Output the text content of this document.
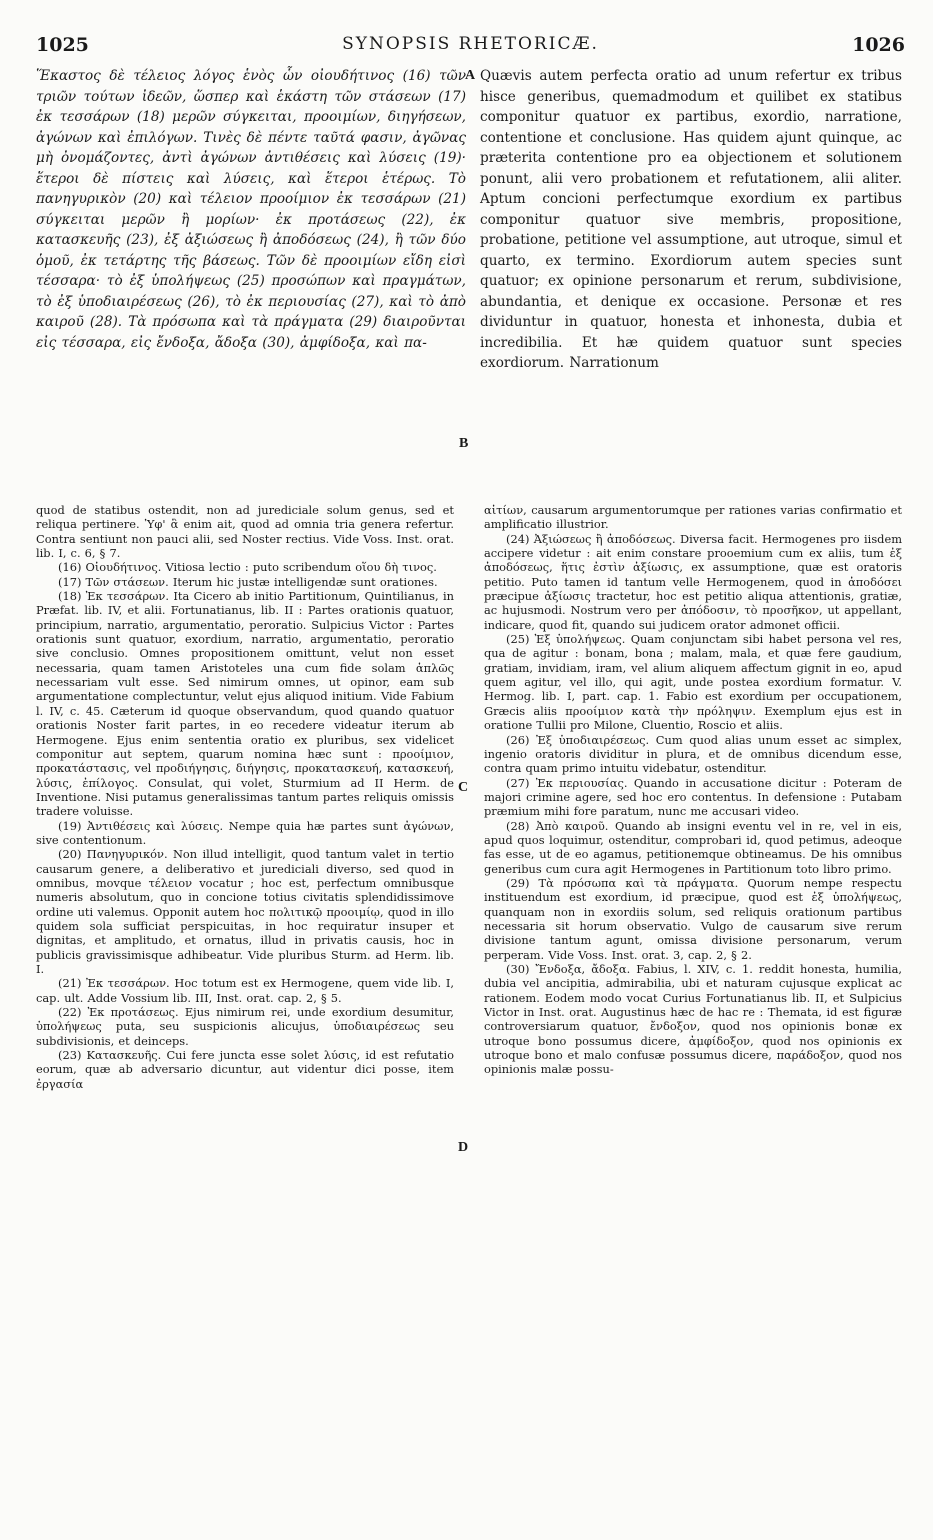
1025	SYNOPSIS RHETORICÆ.	1026

Ἕκαστος δὲ τέλειος λόγος ἑνὸς ὧν οἰουδήτινος (16) τῶν τριῶν τούτων ἰδεῶν, ὥσπερ καὶ ἑκάστη τῶν στάσεων (17) ἐκ τεσσάρων (18) μερῶν σύγκειται, προοιμίων, διηγήσεων, ἀγώνων καὶ ἐπιλόγων. Τινὲς δὲ πέντε ταῦτά φασιν, ἀγῶνας μὴ ὀνομάζοντες, ἀντὶ ἀγώνων ἀντιθέσεις καὶ λύσεις (19)· ἕτεροι δὲ πίστεις καὶ λύσεις, καὶ ἕτεροι ἑτέρως. Τὸ πανηγυρικὸν (20) καὶ τέλειον προοίμιον ἐκ τεσσάρων (21) σύγκειται μερῶν ἢ μορίων· ἐκ προτάσεως (22), ἐκ κατασκευῆς (23), ἐξ ἀξιώσεως ἢ ἀποδόσεως (24), ἢ τῶν δύο ὁμοῦ, ἐκ τετάρτης τῆς βάσεως. Τῶν δὲ προοιμίων εἴδη εἰσὶ τέσσαρα· τὸ ἐξ ὑπολήψεως (25) προσώπων καὶ πραγμάτων, τὸ ἐξ ὑποδιαιρέσεως (26), τὸ ἐκ περιουσίας (27), καὶ τὸ ἀπὸ καιροῦ (28). Τὰ πρόσωπα καὶ τὰ πράγματα (29) διαιροῦνται εἰς τέσσαρα, εἰς ἔνδοξα, ἄδοξα (30), ἀμφίδοξα, καὶ πα-

A
B

Quævis autem perfecta oratio ad unum refertur ex tribus hisce generibus, quemadmodum et quilibet ex statibus componitur quatuor ex partibus, exordio, narratione, contentione et conclusione. Has quidem ajunt quinque, ac præterita contentione pro ea objectionem et solutionem ponunt, alii vero probationem et refutationem, alii aliter. Aptum concioni perfectumque exordium ex partibus componitur quatuor sive membris, propositione, probatione, petitione vel assumptione, aut utroque, simul et quarto, ex termino. Exordiorum autem species sunt quatuor; ex opinione personarum et rerum, subdivisione, abundantia, et denique ex occasione. Personæ et res dividuntur in quatuor, honesta et inhonesta, dubia et incredibilia. Et hæ quidem quatuor sunt species exordiorum. Narrationum

quod de statibus ostendit, non ad juredicialе solum genus, sed et reliqua pertinere. Ὑφ' ἃ enim ait, quod ad omnia tria genera refertur. Contra sentiunt non pauci alii, sed Noster rectius. Vide Voss. Inst. orat. lib. I, c. 6, § 7.

(16) Οἰουδήτινος. Vitiosa lectio : puto scribendum οἵου δὴ τινος.

(17) Τῶν στάσεων. Iterum hic justæ intelligendæ sunt orationes.

(18) Ἐκ τεσσάρων. Ita Cicero ab initio Partitionum, Quintilianus, in Præfat. lib. IV, et alii. Fortunatianus, lib. II : Partes orationis quatuor, principium, narratio, argumentatio, peroratio. Sulpicius Victor : Partes orationis sunt quatuor, exordium, narratio, argumentatio, peroratio sive conclusio. Omnes propositionem omittunt, velut non esset necessaria, quam tamen Aristoteles una cum fide solam ἁπλῶς necessariam vult esse. Sed nimirum omnes, ut opinor, eam sub argumentatione complectuntur, velut ejus aliquod initium. Vide Fabium l. IV, c. 45. Cæterum id quoque observandum, quod quandо quatuor orationis Noster farit partes, in eo recedere videatur iterum ab Hermogene. Ejus enim sententia oratio ex pluribus, sex videlicet componitur aut septem, quarum nomina hæc sunt : προοίμιον, προκατάστασις, vel προδιήγησις, διήγησις, προκατασκευή, κατασκευή, λύσις, ἐπίλογος. Consulat, qui volet, Sturmium ad II Herm. de Inventione. Nisi putamus generalissimas tantum partes reliquis omissis tradere voluisse.

(19) Ἀντιθέσεις καὶ λύσεις. Nempe quia hæ partes sunt ἀγώνων, sive contentionum.

(20) Πανηγυρικόν. Non illud intelligit, quod tantum valet in tertio causarum genere, a deliberativo et juredicialі diverso, sed quod in omnibus, movque τέλειον vocatur ; hoc est, perfectum omnibusque numeris absolutum, quo in concione totius civitatis splendidissimove ordine uti valemus. Opponit autem hoc πολιτικῷ προοιμίῳ, quod in illo quidem sola sufficiat perspicuitas, in hoc requiratur insuper et dignitas, et amplitudo, et ornatus, illud in privatis causis, hoc in publicis gravissimisque adhibeatur. Vide pluribus Sturm. ad Herm. lib. I.

(21) Ἐκ τεσσάρων. Hoc totum est ex Hermogene, quem vide lib. I, cap. ult. Adde Vossium lib. III, Inst. orat. cap. 2, § 5.

(22) Ἐκ προτάσεως. Ejus nimirum rei, unde exordium desumitur, ὑπολήψεως puta, seu suspicionis alicujus, ὑποδιαιρέσεως seu subdivisionis, et deinceps.

(23) Κατασκευῆς. Cui fere juncta esse solet λύσις, id est refutatio eorum, quæ ab adversario dicuntur, aut videntur dici posse, item ἐργασία

C
D

αἰτίων, causarum argumentorumque per rationes varias confirmatio et amplificatio illustrior.

(24) Ἀξιώσεως ἢ ἀποδόσεως. Diversa facit. Hermogenes pro iisdem accipere videtur : ait enim constare prooemium cum ex aliis, tum ἐξ ἀποδόσεως, ἥτις ἐστὶν ἀξίωσις, ex assumptione, quæ est oratoris petitio. Puto tamen id tantum velle Hermogenem, quod in ἀποδόσει præcipue ἀξίωσις tractetur, hoc est petitio aliqua attentionis, gratiæ, ac hujusmodi. Nostrum vero per ἀπόδοσιν, τὸ προσῆκον, ut appellant, indicare, quod fit, quando sui judicem orator admonet officii.

(25) Ἐξ ὑπολήψεως. Quam conjunctam sibi habet persona vel res, qua de agitur : bonam, bona ; malam, mala, et quæ fere gaudium, gratiam, invidiam, iram, vel alium aliquem affectum gignit in eo, apud quem agitur, vel illo, qui agit, unde postea exordium formatur. V. Hermog. lib. I, part. cap. 1. Fabio est exordium per occupationem, Græcis aliis προοίμιον κατὰ τὴν πρόληψιν. Exemplum ejus est in oratione Tullii pro Milone, Cluentio, Roscio et aliis.

(26) Ἐξ ὑποδιαιρέσεως. Cum quod alias unum esset ac simplex, ingenio oratoris dividitur in plura, et de omnibus dicendum esse, contra quam primo intuitu videbatur, ostenditur.

(27) Ἐκ περιουσίας. Quando in accusatione dicitur : Poteram de majori crimine agere, sed hoc ero contentus. In defensione : Putabam præmium mihi fore paratum, nunc me accusari video.

(28) Ἀπὸ καιροῦ. Quando ab insigni eventu vel in re, vel in eis, apud quos loquimur, ostenditur, comprobari id, quod petimus, adeoque fas esse, ut de eo agamus, petitionemque obtineamus. De his omnibus generibus cum cura agit Hermogenes in Partitionum toto libro primo.

(29) Τὰ πρόσωπα καὶ τὰ πράγματα. Quorum nempe respectu instituendum est exordium, id præcipue, quod est ἐξ ὑπολήψεως, quanquam non in exordiis solum, sed reliquis orationum partibus necessaria sit horum observatio. Vulgo de causarum sive rerum divisione tantum agunt, omissa divisione personarum, verum perperam. Vide Voss. Inst. orat. 3, cap. 2, § 2.

(30) Ἔνδοξα, ἄδοξα. Fabius, l. XIV, c. 1. reddit honesta, humilia, dubia vel ancipitia, admirabilia, ubi et naturam cujusque explicat ac rationem. Eodem modo vocat Curius Fortunatianus lib. II, et Sulpicius Victor in Inst. orat. Augustinus hæc de hac re : Themata, id est figuræ controversiarum quatuor, ἔνδοξον, quod nos opinionis bonæ ex utroque bono possumus dicere, ἀμφίδοξον, quod nos opinionis ex utroque bono et malo confusæ possumus dicere, παράδοξον, quod nos opinionis malæ possu-
